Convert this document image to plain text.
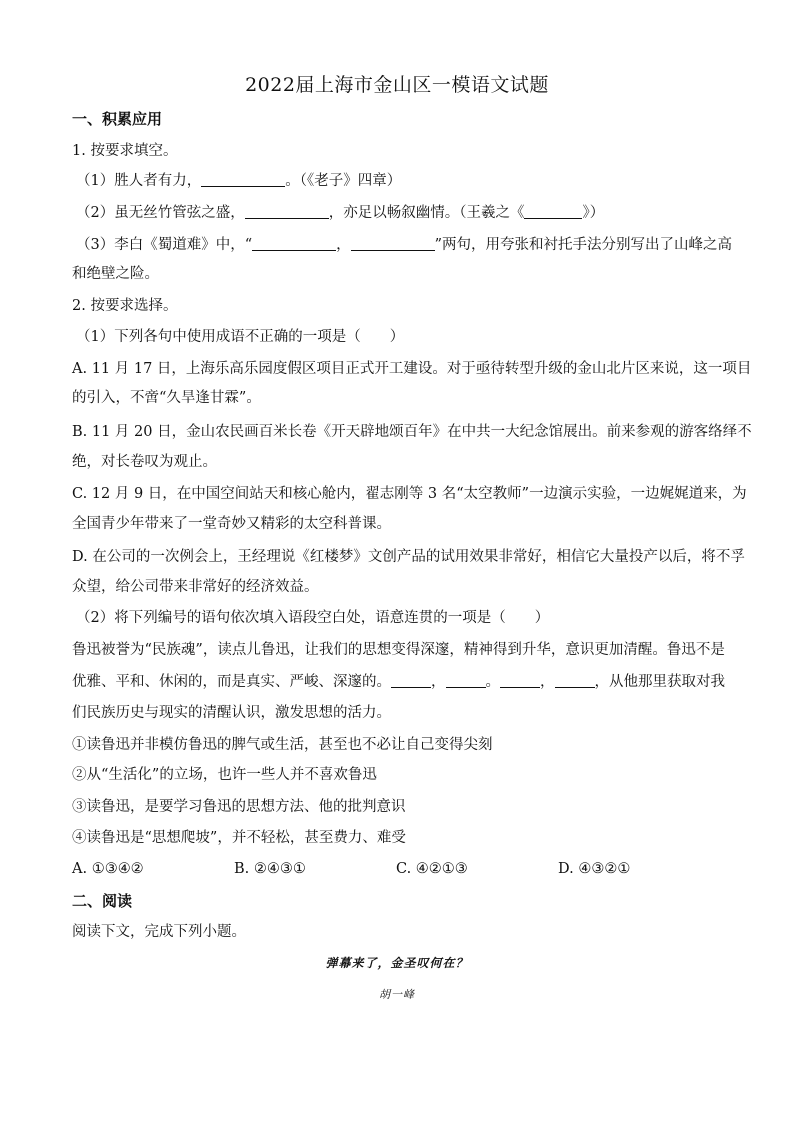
2022届上海市金山区一模语文试题
一、积累应用
1. 按要求填空。
（1）胜人者有力，	。（《老子》四章）
（2）虽无丝竹管弦之盛，	，亦足以畅叙幽情。（王羲之《	》）
（3）李白《蜀道难》中，“	，	”两句，用夸张和衬托手法分别写出了山峰之高
和绝壁之险。
2. 按要求选择。
（1）下列各句中使用成语不正确的一项是（　　）
A. 11 月 17 日，上海乐高乐园度假区项目正式开工建设。对于亟待转型升级的金山北片区来说，这一项目
的引入，不啻“久旱逢甘霖”。
B. 11 月 20 日，金山农民画百米长卷《开天辟地颂百年》在中共一大纪念馆展出。前来参观的游客络绎不
绝，对长卷叹为观止。
C. 12 月 9 日，在中国空间站天和核心舱内，翟志刚等 3 名“太空教师”一边演示实验，一边娓娓道来，为
全国青少年带来了一堂奇妙又精彩的太空科普课。
D. 在公司的一次例会上，王经理说《红楼梦》文创产品的试用效果非常好，相信它大量投产以后，将不孚
众望，给公司带来非常好的经济效益。
（2）将下列编号的语句依次填入语段空白处，语意连贯的一项是（　　）
鲁迅被誉为“民族魂”，读点儿鲁迅，让我们的思想变得深邃，精神得到升华，意识更加清醒。鲁迅不是
优雅、平和、休闲的，而是真实、严峻、深邃的。	，	。	，	，从他那里获取对我
们民族历史与现实的清醒认识，激发思想的活力。
①读鲁迅并非模仿鲁迅的脾气或生活，甚至也不必让自己变得尖刻
②从“生活化”的立场，也许一些人并不喜欢鲁迅
③读鲁迅，是要学习鲁迅的思想方法、他的批判意识
④读鲁迅是“思想爬坡”，并不轻松，甚至费力、难受
A. ①③④②	B. ②④③①	C. ④②①③	D. ④③②①
二、阅读
阅读下文，完成下列小题。
弹幕来了，金圣叹何在？
胡一峰
